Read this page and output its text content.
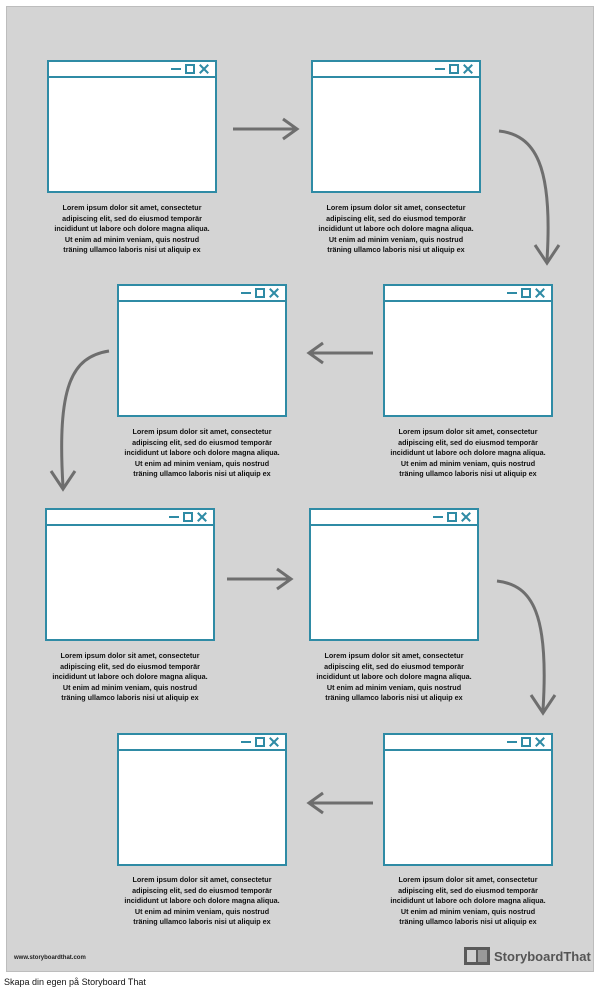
Lorem ipsum dolor sit amet, consectetur
adipiscing elit, sed do eiusmod temporär
incididunt ut labore och dolore magna aliqua.
Ut enim ad minim veniam, quis nostrud
träning ullamco laboris nisi ut aliquip ex
Lorem ipsum dolor sit amet, consectetur
adipiscing elit, sed do eiusmod temporär
incididunt ut labore och dolore magna aliqua.
Ut enim ad minim veniam, quis nostrud
träning ullamco laboris nisi ut aliquip ex
Lorem ipsum dolor sit amet, consectetur
adipiscing elit, sed do eiusmod temporär
incididunt ut labore och dolore magna aliqua.
Ut enim ad minim veniam, quis nostrud
träning ullamco laboris nisi ut aliquip ex
Lorem ipsum dolor sit amet, consectetur
adipiscing elit, sed do eiusmod temporär
incididunt ut labore och dolore magna aliqua.
Ut enim ad minim veniam, quis nostrud
träning ullamco laboris nisi ut aliquip ex
Lorem ipsum dolor sit amet, consectetur
adipiscing elit, sed do eiusmod temporär
incididunt ut labore och dolore magna aliqua.
Ut enim ad minim veniam, quis nostrud
träning ullamco laboris nisi ut aliquip ex
Lorem ipsum dolor sit amet, consectetur
adipiscing elit, sed do eiusmod temporär
incididunt ut labore och dolore magna aliqua.
Ut enim ad minim veniam, quis nostrud
träning ullamco laboris nisi ut aliquip ex
Lorem ipsum dolor sit amet, consectetur
adipiscing elit, sed do eiusmod temporär
incididunt ut labore och dolore magna aliqua.
Ut enim ad minim veniam, quis nostrud
träning ullamco laboris nisi ut aliquip ex
Lorem ipsum dolor sit amet, consectetur
adipiscing elit, sed do eiusmod temporär
incididunt ut labore och dolore magna aliqua.
Ut enim ad minim veniam, quis nostrud
träning ullamco laboris nisi ut aliquip ex
www.storyboardthat.com	StoryboardThat
Skapa din egen på Storyboard That
